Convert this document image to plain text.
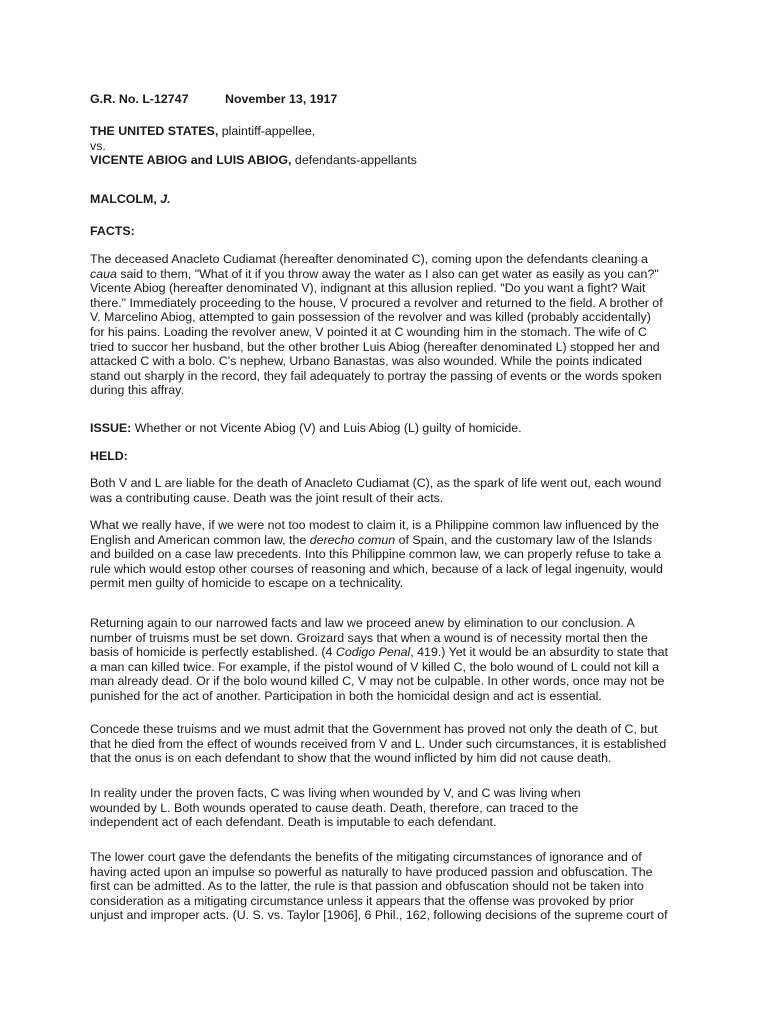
G.R. No. L-12747	November 13, 1917
THE UNITED STATES, plaintiff-appellee,
vs.
VICENTE ABIOG and LUIS ABIOG, defendants-appellants
MALCOLM, J.
FACTS:
The deceased Anacleto Cudiamat (hereafter denominated C), coming upon the defendants cleaning a
caua said to them, "What of it if you throw away the water as I also can get water as easily as you can?"
Vicente Abiog (hereafter denominated V), indignant at this allusion replied. "Do you want a fight? Wait
there." Immediately proceeding to the house, V procured a revolver and returned to the field. A brother of
V. Marcelino Abiog, attempted to gain possession of the revolver and was killed (probably accidentally)
for his pains. Loading the revolver anew, V pointed it at C wounding him in the stomach. The wife of C
tried to succor her husband, but the other brother Luis Abiog (hereafter denominated L) stopped her and
attacked C with a bolo. C's nephew, Urbano Banastas, was also wounded. While the points indicated
stand out sharply in the record, they fail adequately to portray the passing of events or the words spoken
during this affray.
ISSUE: Whether or not Vicente Abiog (V) and Luis Abiog (L) guilty of homicide.
HELD:
Both V and L are liable for the death of Anacleto Cudiamat (C), as the spark of life went out, each wound
was a contributing cause. Death was the joint result of their acts.
What we really have, if we were not too modest to claim it, is a Philippine common law influenced by the
English and American common law, the derecho comun of Spain, and the customary law of the Islands
and builded on a case law precedents. Into this Philippine common law, we can properly refuse to take a
rule which would estop other courses of reasoning and which, because of a lack of legal ingenuity, would
permit men guilty of homicide to escape on a technicality.
Returning again to our narrowed facts and law we proceed anew by elimination to our conclusion. A
number of truisms must be set down. Groizard says that when a wound is of necessity mortal then the
basis of homicide is perfectly established. (4 Codigo Penal, 419.) Yet it would be an absurdity to state that
a man can killed twice. For example, if the pistol wound of V killed C, the bolo wound of L could not kill a
man already dead. Or if the bolo wound killed C, V may not be culpable. In other words, once may not be
punished for the act of another. Participation in both the homicidal design and act is essential.
Concede these truisms and we must admit that the Government has proved not only the death of C, but
that he died from the effect of wounds received from V and L. Under such circumstances, it is established
that the onus is on each defendant to show that the wound inflicted by him did not cause death.
In reality under the proven facts, C was living when wounded by V, and C was living when
wounded by L. Both wounds operated to cause death. Death, therefore, can traced to the
independent act of each defendant. Death is imputable to each defendant.
The lower court gave the defendants the benefits of the mitigating circumstances of ignorance and of
having acted upon an impulse so powerful as naturally to have produced passion and obfuscation. The
first can be admitted. As to the latter, the rule is that passion and obfuscation should not be taken into
consideration as a mitigating circumstance unless it appears that the offense was provoked by prior
unjust and improper acts. (U. S. vs. Taylor [1906], 6 Phil., 162, following decisions of the supreme court of
